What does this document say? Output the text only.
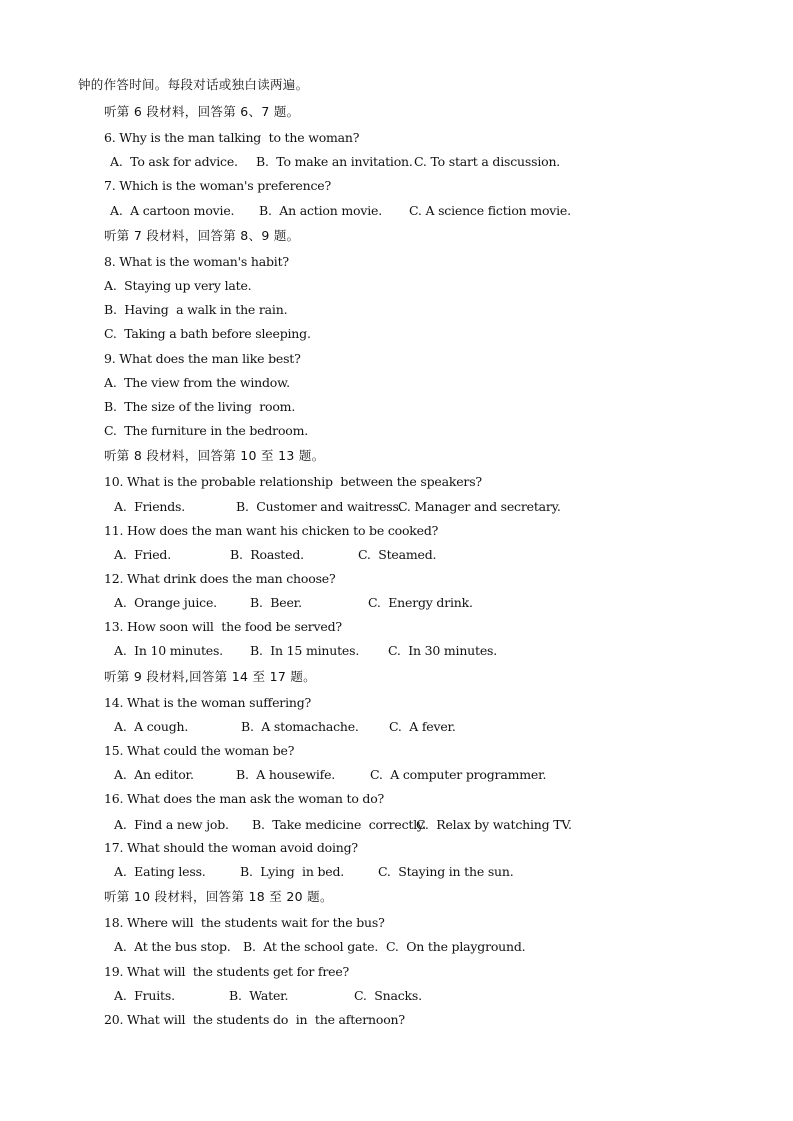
钟的作答时间。每段对话或独白读两遍。
听第 6 段材料，回答第 6、7 题。
6. Why is the man talking  to the woman?
A.  To ask for advice. B.  To make an invitation. C. To start a discussion.
7. Which is the woman's preference?
A.  A cartoon movie. B.  An action movie. C. A science fiction movie.
听第 7 段材料，回答第 8、9 题。
8. What is the woman's habit?
A.  Staying up very late.
B.  Having  a walk in the rain.
C.  Taking a bath before sleeping.
9. What does the man like best?
A.  The view from the window.
B.  The size of the living  room.
C.  The furniture in the bedroom.
听第 8 段材料，回答第 10 至 13 题。
10. What is the probable relationship  between the speakers?
A.  Friends.	B.  Customer and waitress.
C. Manager and secretary.
11. How does the man want his chicken to be cooked?
A.  Fried.	B.  Roasted.	C.  Steamed.
12. What drink does the man choose?
A.  Orange juice.	B.  Beer.	C.  Energy drink.
13. How soon will  the food be served?
A.  In 10 minutes. B.  In 15 minutes. C.  In 30 minutes.
听第 9 段材料,回答第 14 至 17 题。
14. What is the woman suffering?
A.  A cough.	B.  A stomachache. C.  A fever.
15. What could the woman be?
A.  An editor.	B.  A housewife.	C.  A computer programmer.
16. What does the man ask the woman to do?
A.  Find a new job. B.  Take medicine  correctly.
C.  Relax by watching TV.
17. What should the woman avoid doing?
A.  Eating less.	B.  Lying  in bed.	C.  Staying in the sun.
听第 10 段材料，回答第 18 至 20 题。
18. Where will  the students wait for the bus?
A.  At the bus stop. B.  At the school gate. C.  On the playground.
19. What will  the students get for free?
A.  Fruits.	B.  Water.	C.  Snacks.
20. What will  the students do  in  the afternoon?
